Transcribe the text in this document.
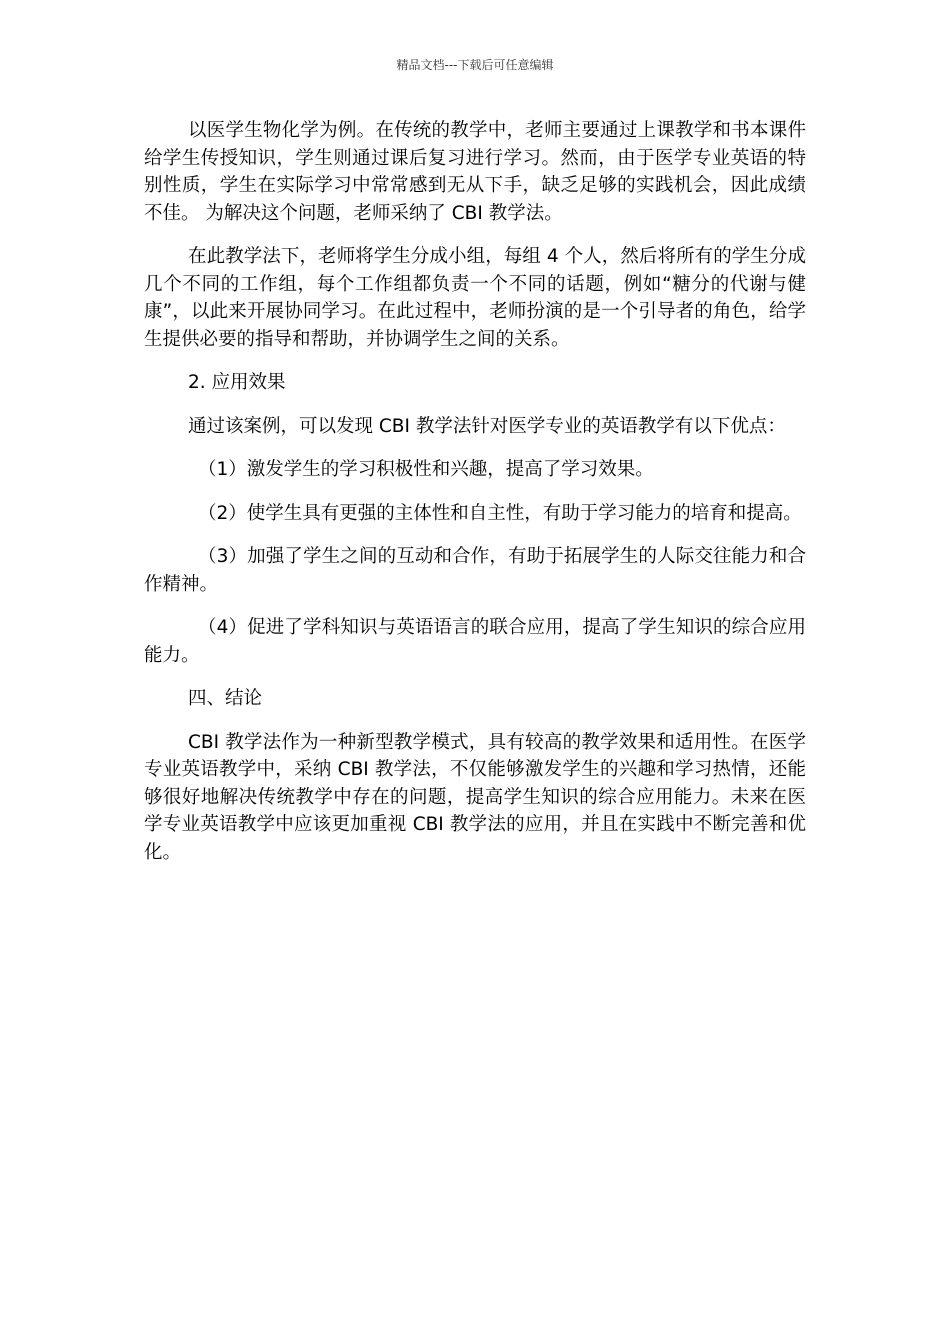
精品文档---下载后可任意编辑

以医学生物化学为例。在传统的教学中，老师主要通过上课教学和书本课件给学生传授知识，学生则通过课后复习进行学习。然而，由于医学专业英语的特别性质，学生在实际学习中常常感到无从下手，缺乏足够的实践机会，因此成绩不佳。 为解决这个问题，老师采纳了 CBI 教学法。

在此教学法下，老师将学生分成小组，每组 4 个人，然后将所有的学生分成几个不同的工作组，每个工作组都负责一个不同的话题，例如“糖分的代谢与健康”，以此来开展协同学习。在此过程中，老师扮演的是一个引导者的角色，给学生提供必要的指导和帮助，并协调学生之间的关系。

2. 应用效果

通过该案例，可以发现 CBI 教学法针对医学专业的英语教学有以下优点：

（1）激发学生的学习积极性和兴趣，提高了学习效果。

（2）使学生具有更强的主体性和自主性，有助于学习能力的培育和提高。

（3）加强了学生之间的互动和合作，有助于拓展学生的人际交往能力和合作精神。

（4）促进了学科知识与英语语言的联合应用，提高了学生知识的综合应用能力。

四、结论

CBI 教学法作为一种新型教学模式，具有较高的教学效果和适用性。在医学专业英语教学中，采纳 CBI 教学法，不仅能够激发学生的兴趣和学习热情，还能够很好地解决传统教学中存在的问题，提高学生知识的综合应用能力。未来在医学专业英语教学中应该更加重视 CBI 教学法的应用，并且在实践中不断完善和优化。
